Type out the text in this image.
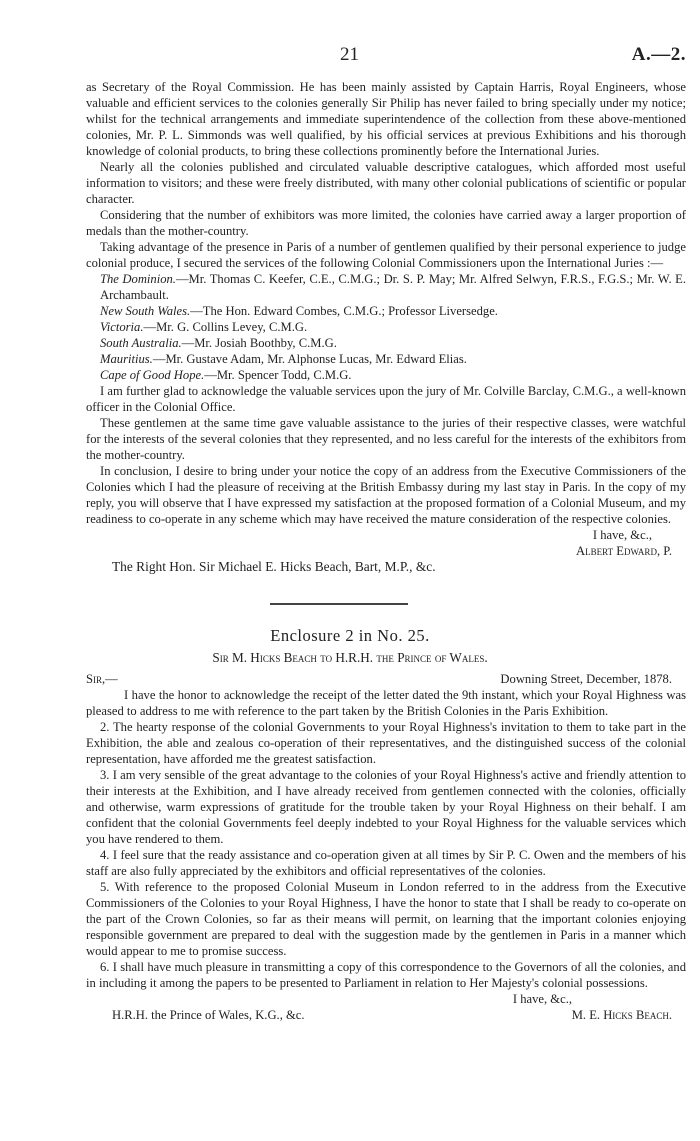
21	A.—2.

as Secretary of the Royal Commission. He has been mainly assisted by Captain Harris, Royal Engineers, whose valuable and efficient services to the colonies generally Sir Philip has never failed to bring specially under my notice; whilst for the technical arrangements and immediate superintendence of the collection from these above-mentioned colonies, Mr. P. L. Simmonds was well qualified, by his official services at previous Exhibitions and his thorough knowledge of colonial products, to bring these collections prominently before the International Juries.

Nearly all the colonies published and circulated valuable descriptive catalogues, which afforded most useful information to visitors; and these were freely distributed, with many other colonial publications of scientific or popular character.

Considering that the number of exhibitors was more limited, the colonies have carried away a larger proportion of medals than the mother-country.

Taking advantage of the presence in Paris of a number of gentlemen qualified by their personal experience to judge colonial produce, I secured the services of the following Colonial Commissioners upon the International Juries :—

The Dominion.—Mr. Thomas C. Keefer, C.E., C.M.G.; Dr. S. P. May; Mr. Alfred Selwyn, F.R.S., F.G.S.; Mr. W. E. Archambault.

New South Wales.—The Hon. Edward Combes, C.M.G.; Professor Liversedge.

Victoria.—Mr. G. Collins Levey, C.M.G.

South Australia.—Mr. Josiah Boothby, C.M.G.

Mauritius.—Mr. Gustave Adam, Mr. Alphonse Lucas, Mr. Edward Elias.

Cape of Good Hope.—Mr. Spencer Todd, C.M.G.

I am further glad to acknowledge the valuable services upon the jury of Mr. Colville Barclay, C.M.G., a well-known officer in the Colonial Office.

These gentlemen at the same time gave valuable assistance to the juries of their respective classes, were watchful for the interests of the several colonies that they represented, and no less careful for the interests of the exhibitors from the mother-country.

In conclusion, I desire to bring under your notice the copy of an address from the Executive Commissioners of the Colonies which I had the pleasure of receiving at the British Embassy during my last stay in Paris. In the copy of my reply, you will observe that I have expressed my satisfaction at the proposed formation of a Colonial Museum, and my readiness to co-operate in any scheme which may have received the mature consideration of the respective colonies.

I have, &c.,

Albert Edward, P.

The Right Hon. Sir Michael E. Hicks Beach, Bart, M.P., &c.

Enclosure 2 in No. 25.
Sir M. Hicks Beach to H.R.H. the Prince of Wales.
Sir,—	Downing Street, December, 1878.

I have the honor to acknowledge the receipt of the letter dated the 9th instant, which your Royal Highness was pleased to address to me with reference to the part taken by the British Colonies in the Paris Exhibition.

2. The hearty response of the colonial Governments to your Royal Highness's invitation to them to take part in the Exhibition, the able and zealous co-operation of their representatives, and the distinguished success of the colonial representation, have afforded me the greatest satisfaction.

3. I am very sensible of the great advantage to the colonies of your Royal Highness's active and friendly attention to their interests at the Exhibition, and I have already received from gentlemen connected with the colonies, officially and otherwise, warm expressions of gratitude for the trouble taken by your Royal Highness on their behalf. I am confident that the colonial Governments feel deeply indebted to your Royal Highness for the valuable services which you have rendered to them.

4. I feel sure that the ready assistance and co-operation given at all times by Sir P. C. Owen and the members of his staff are also fully appreciated by the exhibitors and official representatives of the colonies.

5. With reference to the proposed Colonial Museum in London referred to in the address from the Executive Commissioners of the Colonies to your Royal Highness, I have the honor to state that I shall be ready to co-operate on the part of the Crown Colonies, so far as their means will permit, on learning that the important colonies enjoying responsible government are prepared to deal with the suggestion made by the gentlemen in Paris in a manner which would appear to me to promise success.

6. I shall have much pleasure in transmitting a copy of this correspondence to the Governors of all the colonies, and in including it among the papers to be presented to Parliament in relation to Her Majesty's colonial possessions.

I have, &c.,

H.R.H. the Prince of Wales, K.G., &c.	M. E. Hicks Beach.
